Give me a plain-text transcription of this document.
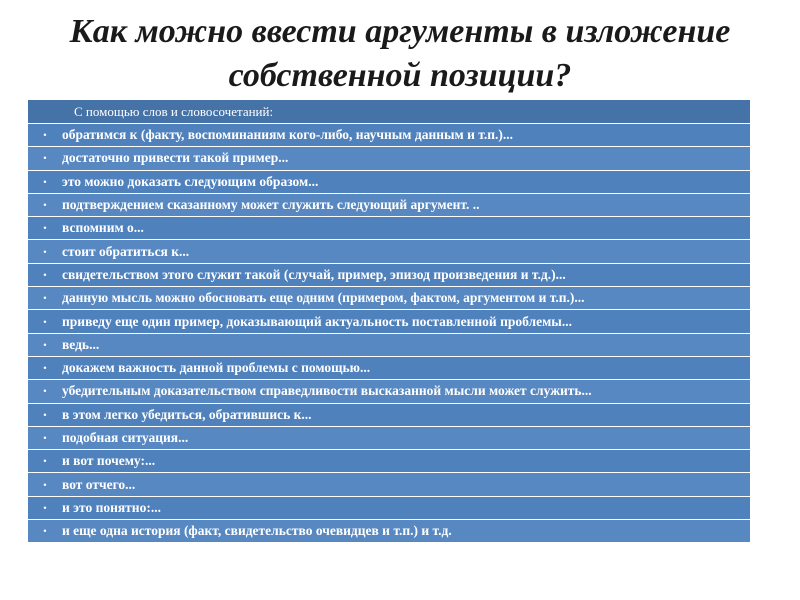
Как можно ввести аргументы в изложение собственной позиции?
С помощью слов и словосочетаний:
•	обратимся к (факту, воспоминаниям кого-либо, научным данным и т.п.)...
•	достаточно привести такой пример...
•	это можно доказать следующим образом...
•	подтверждением сказанному может служить следующий аргумент. ..
•	вспомним о...
•	стоит обратиться к...
•	свидетельством этого служит такой (случай, пример, эпизод произведения и т.д.)...
•	данную мысль можно обосновать еще одним (примером, фактом, аргументом и т.п.)...
•	приведу еще один пример, доказывающий актуальность поставленной проблемы...
•	ведь...
•	докажем важность данной проблемы с помощью...
•	убедительным доказательством справедливости высказанной мысли может служить...
•	в этом легко убедиться, обратившись к...
•	подобная ситуация...
•	и вот почему:...
•	вот отчего...
•	и это понятно:...
•	и еще одна история (факт, свидетельство очевидцев и т.п.) и т.д.
